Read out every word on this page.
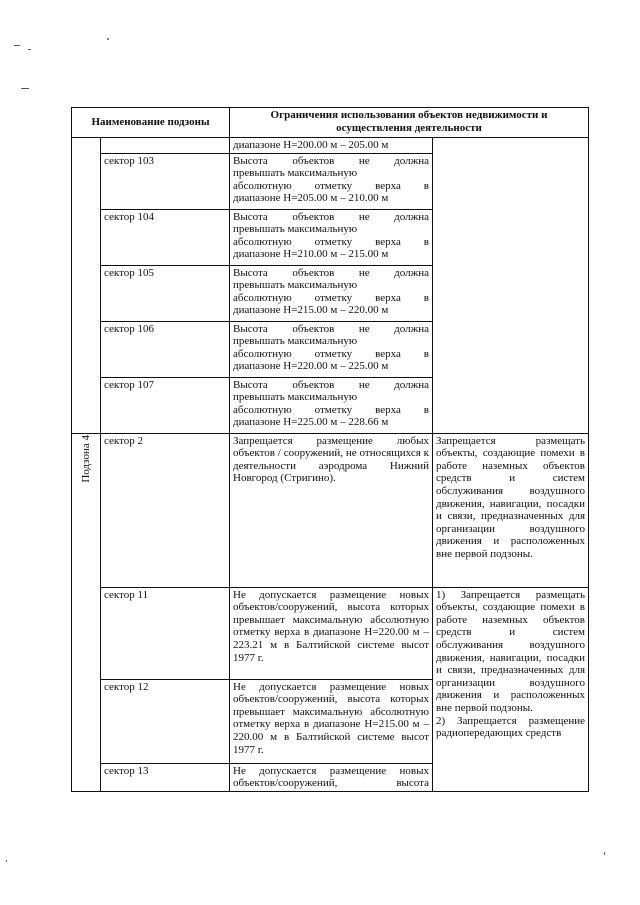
Наименование подзоны		Ограничения использования объектов недвижимости и осуществления деятельности	

		диапазоне Н=200.00 м – 205.00 м	

	сектор 103	Высота объектов не должна
превышать максимальную
абсолютную отметку верха в
диапазоне Н=205.00 м – 210.00 м	

	сектор 104	Высота объектов не должна
превышать максимальную
абсолютную отметку верха в
диапазоне Н=210.00 м – 215.00 м	

	сектор 105	Высота объектов не должна
превышать максимальную
абсолютную отметку верха в
диапазоне Н=215.00 м – 220.00 м	

	сектор 106	Высота объектов не должна
превышать максимальную
абсолютную отметку верха в
диапазоне Н=220.00 м – 225.00 м	

	сектор 107	Высота объектов не должна
превышать максимальную
абсолютную отметку верха в
диапазоне Н=225.00 м – 228.66 м	

Подзона 4	сектор 2	Запрещается размещение любых объектов / сооружений, не относящихся к деятельности аэродрома Нижний Новгород (Стригино).	Запрещается размещать объекты, создающие помехи в работе наземных объектов средств и систем обслуживания воздушного движения, навигации, посадки и связи, предназначенных для организации воздушного движения и расположенных вне первой подзоны.

	сектор 11	Не допускается размещение новых объектов/сооружений, высота которых превышает максимальную абсолютную отметку верха в диапазоне Н=220.00 м – 223.21 м в Балтийской системе высот 1977 г.	1) Запрещается размещать объекты, создающие помехи в работе наземных объектов средств и систем обслуживания воздушного движения, навигации, посадки и связи, предназначенных для организации воздушного движения и расположенных вне первой подзоны.
2) Запрещается размещение радиопередающих средств

	сектор 12	Не допускается размещение новых объектов/сооружений, высота которых превышает максимальную абсолютную отметку верха в диапазоне Н=215.00 м – 220.00 м в Балтийской системе высот 1977 г.	

	сектор 13	Не допускается размещение новых объектов/сооружений, высота	
